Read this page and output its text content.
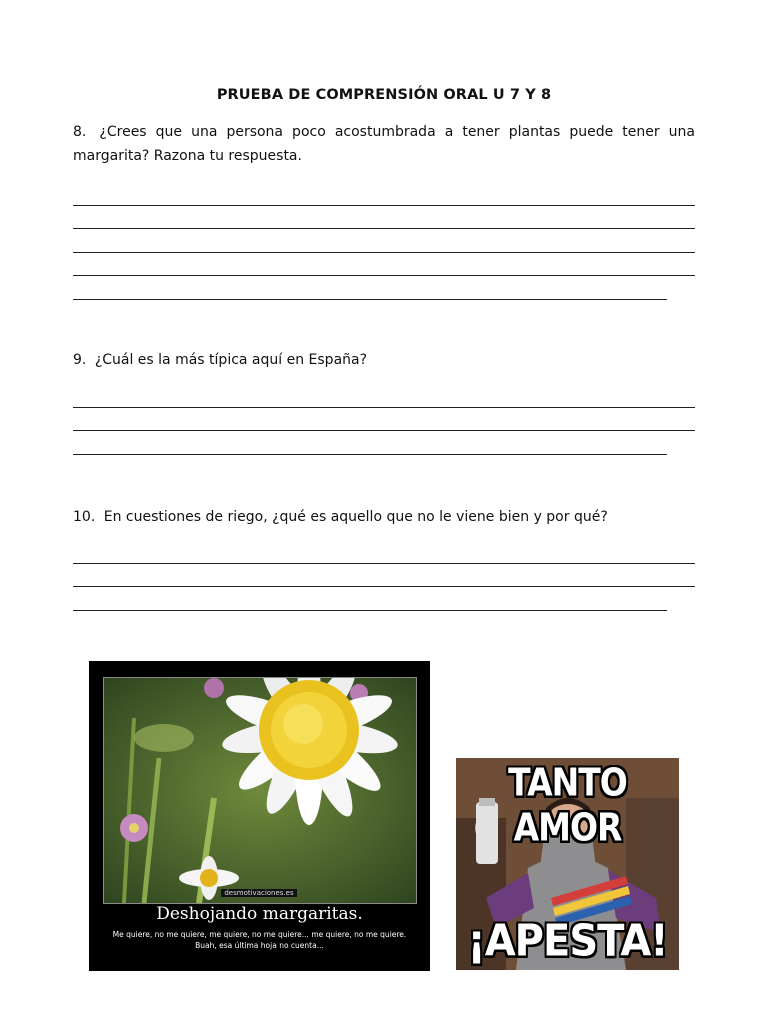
PRUEBA DE COMPRENSIÓN ORAL U 7 Y 8
8. ¿Crees que una persona poco acostumbrada a tener plantas puede tener una margarita? Razona tu respuesta.
9. ¿Cuál es la más típica aquí en España?
10. En cuestiones de riego, ¿qué es aquello que no le viene bien y por qué?
desmotivaciones.es
Deshojando margaritas.
Me quiere, no me quiere, me quiere, no me quiere... me quiere, no me quiere.
Buah, esa última hoja no cuenta...
TANTO AMOR
¡APESTA!
